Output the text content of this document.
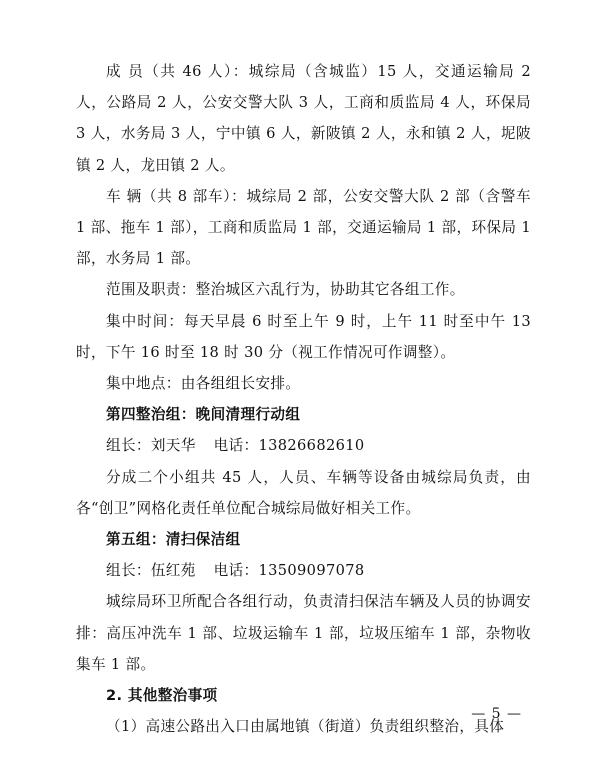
成 员（共 46 人）：城综局（含城监）15 人，交通运输局 2 人，公路局 2 人，公安交警大队 3 人，工商和质监局 4 人，环保局 3 人，水务局 3 人，宁中镇 6 人，新陂镇 2 人，永和镇 2 人，坭陂镇 2 人，龙田镇 2 人。

车 辆（共 8 部车）：城综局 2 部，公安交警大队 2 部（含警车 1 部、拖车 1 部），工商和质监局 1 部，交通运输局 1 部，环保局 1 部，水务局 1 部。

范围及职责：整治城区六乱行为，协助其它各组工作。

集中时间：每天早晨 6 时至上午 9 时，上午 11 时至中午 13 时，下午 16 时至 18 时 30 分（视工作情况可作调整）。

集中地点：由各组组长安排。

第四整治组：晚间清理行动组

组长：刘天华 电话：13826682610

分成二个小组共 45 人，人员、车辆等设备由城综局负责，由各“创卫”网格化责任单位配合城综局做好相关工作。

第五组：清扫保洁组

组长：伍红苑 电话：13509097078

城综局环卫所配合各组行动，负责清扫保洁车辆及人员的协调安排：高压冲洗车 1 部、垃圾运输车 1 部，垃圾压缩车 1 部，杂物收集车 1 部。

2. 其他整治事项

（1）高速公路出入口由属地镇（街道）负责组织整治，具体

— 5 —
